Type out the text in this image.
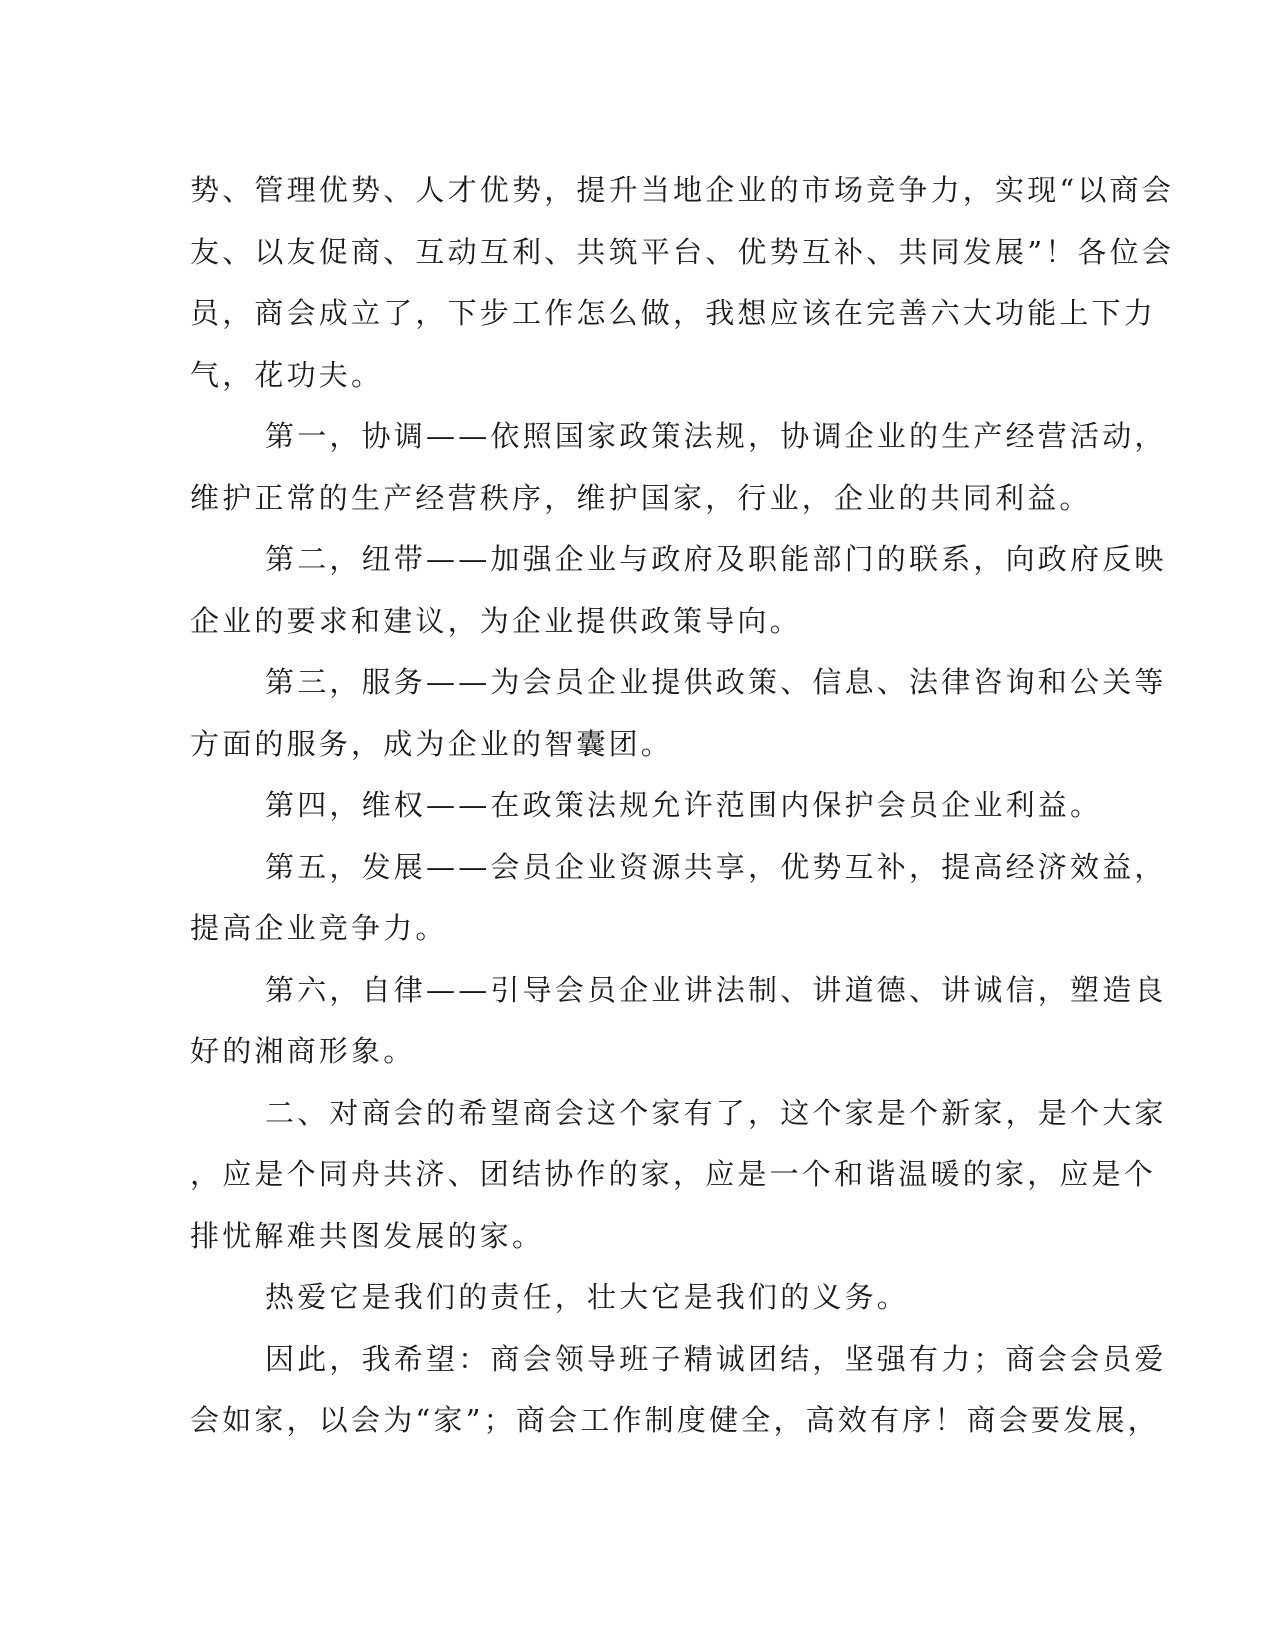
势、管理优势、人才优势，提升当地企业的市场竞争力，实现“以商会
友、以友促商、互动互利、共筑平台、优势互补、共同发展”！各位会
员，商会成立了，下步工作怎么做，我想应该在完善六大功能上下力
气，花功夫。
第一，协调——依照国家政策法规，协调企业的生产经营活动，
维护正常的生产经营秩序，维护国家，行业，企业的共同利益。
第二，纽带——加强企业与政府及职能部门的联系，向政府反映
企业的要求和建议，为企业提供政策导向。
第三，服务——为会员企业提供政策、信息、法律咨询和公关等
方面的服务，成为企业的智囊团。
第四，维权——在政策法规允许范围内保护会员企业利益。
第五，发展——会员企业资源共享，优势互补，提高经济效益，
提高企业竞争力。
第六，自律——引导会员企业讲法制、讲道德、讲诚信，塑造良
好的湘商形象。
二、对商会的希望商会这个家有了，这个家是个新家，是个大家
，应是个同舟共济、团结协作的家，应是一个和谐温暖的家，应是个
排忧解难共图发展的家。
热爱它是我们的责任，壮大它是我们的义务。
因此，我希望：商会领导班子精诚团结，坚强有力；商会会员爱
会如家，以会为“家”；商会工作制度健全，高效有序！商会要发展，
